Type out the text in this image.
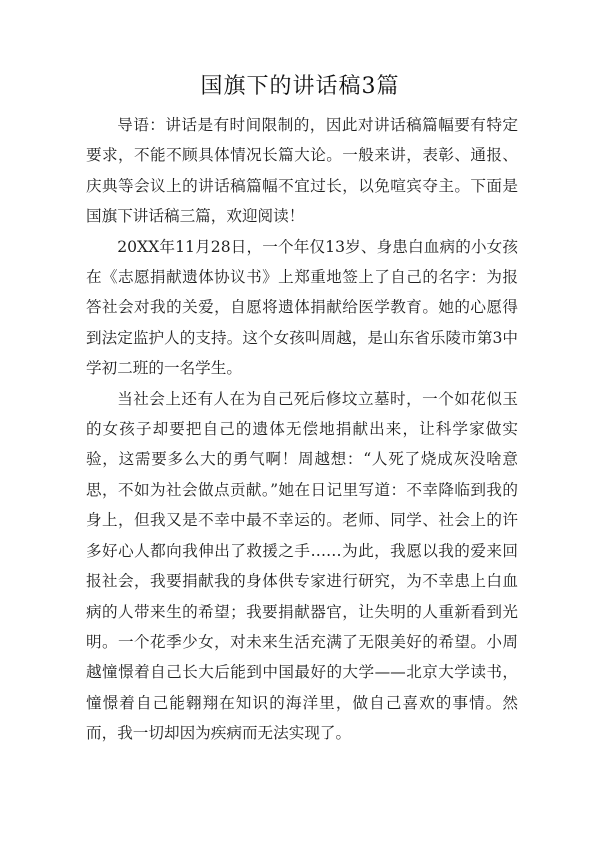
国旗下的讲话稿3篇

导语：讲话是有时间限制的，因此对讲话稿篇幅要有特定要求，不能不顾具体情况长篇大论。一般来讲，表彰、通报、庆典等会议上的讲话稿篇幅不宜过长，以免喧宾夺主。下面是国旗下讲话稿三篇，欢迎阅读！

20XX年11月28日，一个年仅13岁、身患白血病的小女孩在《志愿捐献遗体协议书》上郑重地签上了自己的名字：为报答社会对我的关爱，自愿将遗体捐献给医学教育。她的心愿得到法定监护人的支持。这个女孩叫周越，是山东省乐陵市第3中学初二班的一名学生。

当社会上还有人在为自己死后修坟立墓时，一个如花似玉的女孩子却要把自己的遗体无偿地捐献出来，让科学家做实验，这需要多么大的勇气啊！周越想：“人死了烧成灰没啥意思，不如为社会做点贡献。”她在日记里写道：不幸降临到我的身上，但我又是不幸中最不幸运的。老师、同学、社会上的许多好心人都向我伸出了救援之手……为此，我愿以我的爱来回报社会，我要捐献我的身体供专家进行研究，为不幸患上白血病的人带来生的希望；我要捐献器官，让失明的人重新看到光明。一个花季少女，对未来生活充满了无限美好的希望。小周越憧憬着自己长大后能到中国最好的大学——北京大学读书，憧憬着自己能翱翔在知识的海洋里，做自己喜欢的事情。然而，我一切却因为疾病而无法实现了。
